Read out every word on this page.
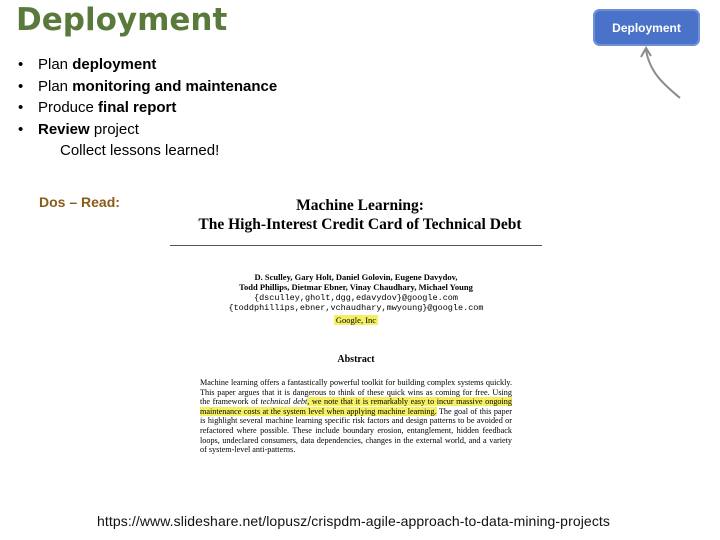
Deployment	Deployment
• Plan deployment
• Plan monitoring and maintenance
• Produce final report
• Review project
Collect lessons learned!
Dos – Read:	Machine Learning:
The High-Interest Credit Card of Technical Debt
D. Sculley, Gary Holt, Daniel Golovin, Eugene Davydov,
Todd Phillips, Dietmar Ebner, Vinay Chaudhary, Michael Young
{dsculley,gholt,dgg,edavydov}@google.com
{toddphillips,ebner,vchaudhary,mwyoung}@google.com
Google, Inc
Abstract
Machine learning offers a fantastically powerful toolkit for building complex systems quickly. This paper argues that it is dangerous to think of these quick wins as coming for free. Using the framework of technical debt, we note that it is remarkably easy to incur massive ongoing maintenance costs at the system level when applying machine learning. The goal of this paper is highlight several machine learning specific risk factors and design patterns to be avoided or refactored where possible. These include boundary erosion, entanglement, hidden feedback loops, undeclared consumers, data dependencies, changes in the external world, and a variety of system-level anti-patterns.
https://www.slideshare.net/lopusz/crispdm-agile-approach-to-data-mining-projects
